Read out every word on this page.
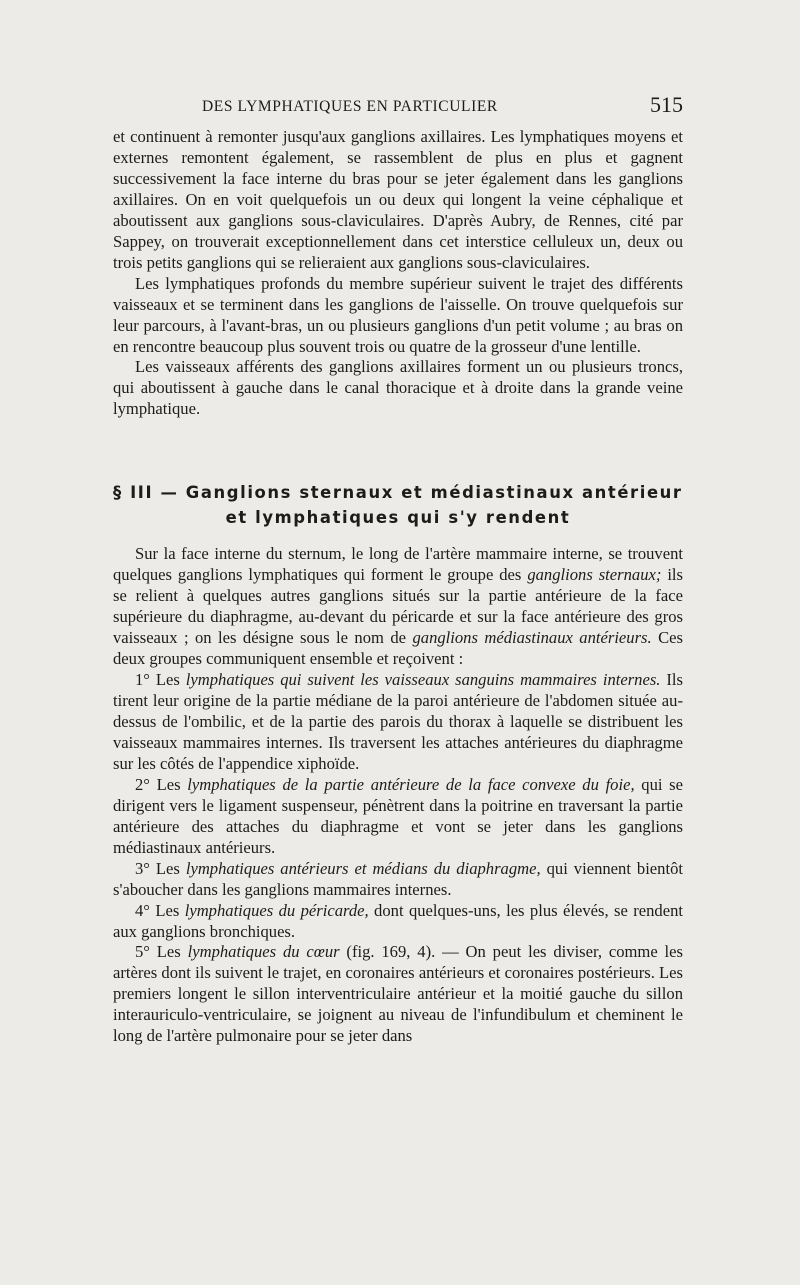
DES LYMPHATIQUES EN PARTICULIER	515

et continuent à remonter jusqu'aux ganglions axillaires. Les lymphatiques moyens et externes remontent également, se rassemblent de plus en plus et gagnent successivement la face interne du bras pour se jeter également dans les ganglions axillaires. On en voit quelquefois un ou deux qui longent la veine céphalique et aboutissent aux ganglions sous-claviculaires. D'après Aubry, de Rennes, cité par Sappey, on trouverait exceptionnellement dans cet interstice celluleux un, deux ou trois petits ganglions qui se relieraient aux ganglions sous-claviculaires.

Les lymphatiques profonds du membre supérieur suivent le trajet des différents vaisseaux et se terminent dans les ganglions de l'aisselle. On trouve quelquefois sur leur parcours, à l'avant-bras, un ou plusieurs ganglions d'un petit volume ; au bras on en rencontre beaucoup plus souvent trois ou quatre de la grosseur d'une lentille.

Les vaisseaux afférents des ganglions axillaires forment un ou plusieurs troncs, qui aboutissent à gauche dans le canal thoracique et à droite dans la grande veine lymphatique.

§ III — Ganglions sternaux et médiastinaux antérieur
et lymphatiques qui s'y rendent

Sur la face interne du sternum, le long de l'artère mammaire interne, se trouvent quelques ganglions lymphatiques qui forment le groupe des ganglions sternaux; ils se relient à quelques autres ganglions situés sur la partie antérieure de la face supérieure du diaphragme, au-devant du péricarde et sur la face antérieure des gros vaisseaux ; on les désigne sous le nom de ganglions médiastinaux antérieurs. Ces deux groupes communiquent ensemble et reçoivent :

1° Les lymphatiques qui suivent les vaisseaux sanguins mammaires internes. Ils tirent leur origine de la partie médiane de la paroi antérieure de l'abdomen située au-dessus de l'ombilic, et de la partie des parois du thorax à laquelle se distribuent les vaisseaux mammaires internes. Ils traversent les attaches antérieures du diaphragme sur les côtés de l'appendice xiphoïde.

2° Les lymphatiques de la partie antérieure de la face convexe du foie, qui se dirigent vers le ligament suspenseur, pénètrent dans la poitrine en traversant la partie antérieure des attaches du diaphragme et vont se jeter dans les ganglions médiastinaux antérieurs.

3° Les lymphatiques antérieurs et médians du diaphragme, qui viennent bientôt s'aboucher dans les ganglions mammaires internes.

4° Les lymphatiques du péricarde, dont quelques-uns, les plus élevés, se rendent aux ganglions bronchiques.

5° Les lymphatiques du cœur (fig. 169, 4). — On peut les diviser, comme les artères dont ils suivent le trajet, en coronaires antérieurs et coronaires postérieurs. Les premiers longent le sillon interventriculaire antérieur et la moitié gauche du sillon interauriculo-ventriculaire, se joignent au niveau de l'infundibulum et cheminent le long de l'artère pulmonaire pour se jeter dans
